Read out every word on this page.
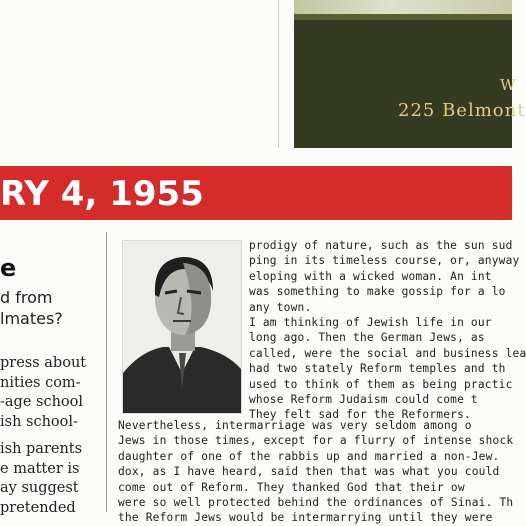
W
225 Belmont
RY 4, 1955
e
d from
lmates?
press about
nities com-
-age school
ish school-
ish parents
e matter is
ay suggest
pretended
prodigy of nature, such as the sun sud
ping in its timeless course, or, anyway
eloping with a wicked woman. An int
was something to make gossip for a lo
any town.
I am thinking of Jewish life in our
long ago. Then the German Jews, as
called, were the social and business lea
had two stately Reform temples and th
used to think of them as being practic
whose Reform Judaism could come t
They felt sad for the Reformers.
Nevertheless, intermarriage was very seldom among o
Jews in those times, except for a flurry of intense shock
daughter of one of the rabbis up and married a non-Jew.
dox, as I have heard, said then that was what you could
come out of Reform. They thanked God that their ow
were so well protected behind the ordinances of Sinai. Th
the Reform Jews would be intermarrying until they were
